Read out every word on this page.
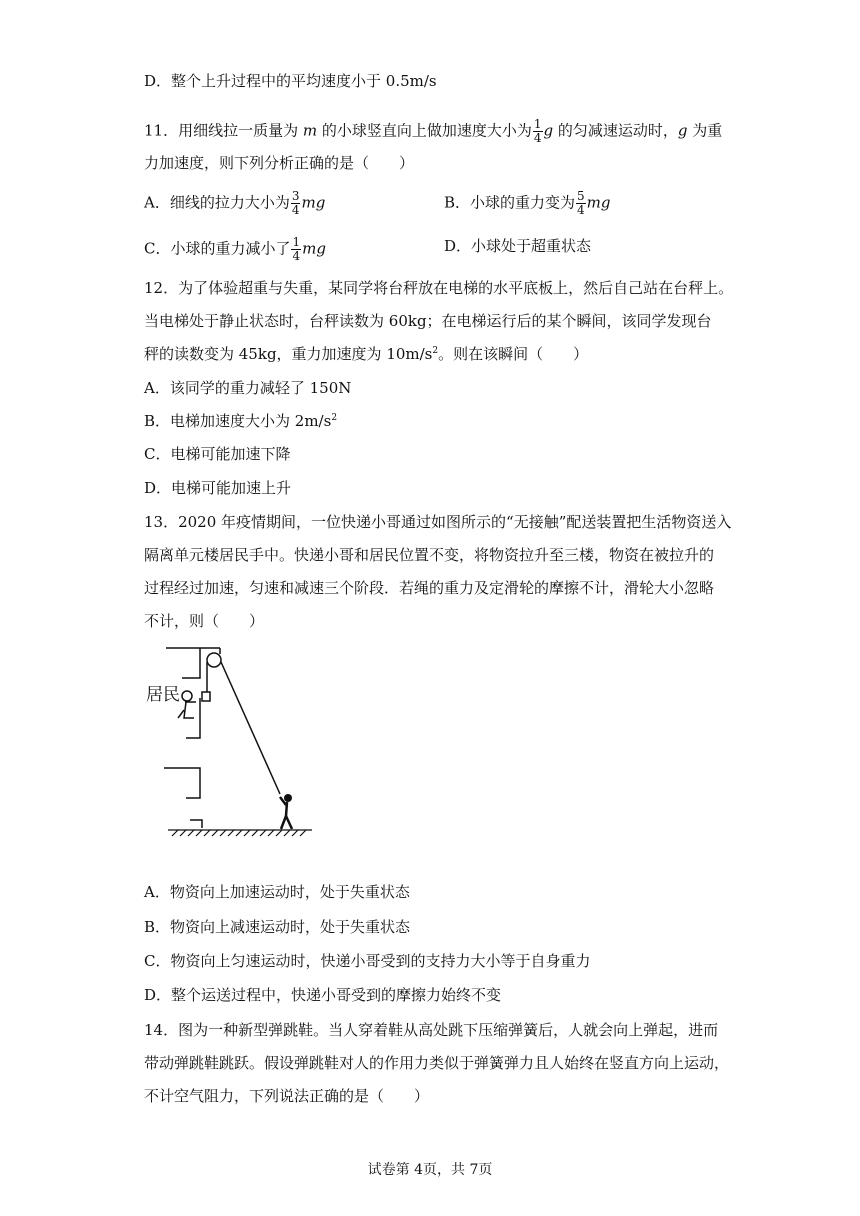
D．整个上升过程中的平均速度小于 0.5m/s
11．用细线拉一质量为 m 的小球竖直向上做加速度大小为 $\frac{1}{4}$ g 的匀减速运动时，g 为重
力加速度，则下列分析正确的是（　　）
A．细线的拉力大小为 $\frac{3}{4}$ mg	B．小球的重力变为 $\frac{5}{4}$ mg
C．小球的重力减小了 $\frac{1}{4}$ mg	D．小球处于超重状态
12．为了体验超重与失重，某同学将台秤放在电梯的水平底板上，然后自己站在台秤上。
当电梯处于静止状态时，台秤读数为 60kg；在电梯运行后的某个瞬间，该同学发现台
秤的读数变为 45kg，重力加速度为 $10m/s^2$。则在该瞬间（　　）
A．该同学的重力减轻了 150N
B．电梯加速度大小为 $2m/s^2$
C．电梯可能加速下降
D．电梯可能加速上升
13．2020 年疫情期间，一位快递小哥通过如图所示的“无接触”配送装置把生活物资送入
隔离单元楼居民手中。快递小哥和居民位置不变，将物资拉升至三楼，物资在被拉升的
过程经过加速，匀速和减速三个阶段．若绳的重力及定滑轮的摩擦不计，滑轮大小忽略
不计，则（　　）
居民
A．物资向上加速运动时，处于失重状态
B．物资向上减速运动时，处于失重状态
C．物资向上匀速运动时，快递小哥受到的支持力大小等于自身重力
D．整个运送过程中，快递小哥受到的摩擦力始终不变
14．图为一种新型弹跳鞋。当人穿着鞋从高处跳下压缩弹簧后，人就会向上弹起，进而
带动弹跳鞋跳跃。假设弹跳鞋对人的作用力类似于弹簧弹力且人始终在竖直方向上运动，
不计空气阻力，下列说法正确的是（　　）
试卷第 4页，共 7页
